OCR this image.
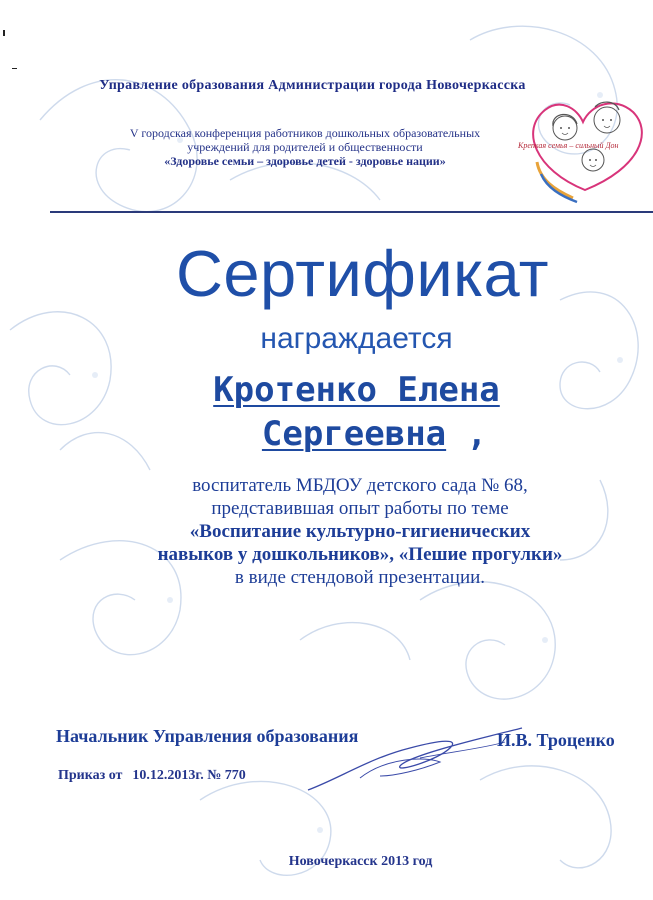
Управление образования Администрации города Новочеркасска
V городская конференция работников дошкольных образовательных
учреждений для родителей и общественности
«Здоровье семьи – здоровье детей - здоровье нации»
Крепкая семья – сильный Дон
Сертификат
награждается
Кротенко Елена
Сергеевна ,
воспитатель МБДОУ детского сада № 68,
представившая опыт работы по теме
«Воспитание культурно-гигиенических
навыков у дошкольников», «Пешие прогулки»
в виде стендовой презентации.
Начальник Управления образования	И.В. Троценко
Приказ от 10.12.2013г. № 770
Новочеркасск 2013 год
